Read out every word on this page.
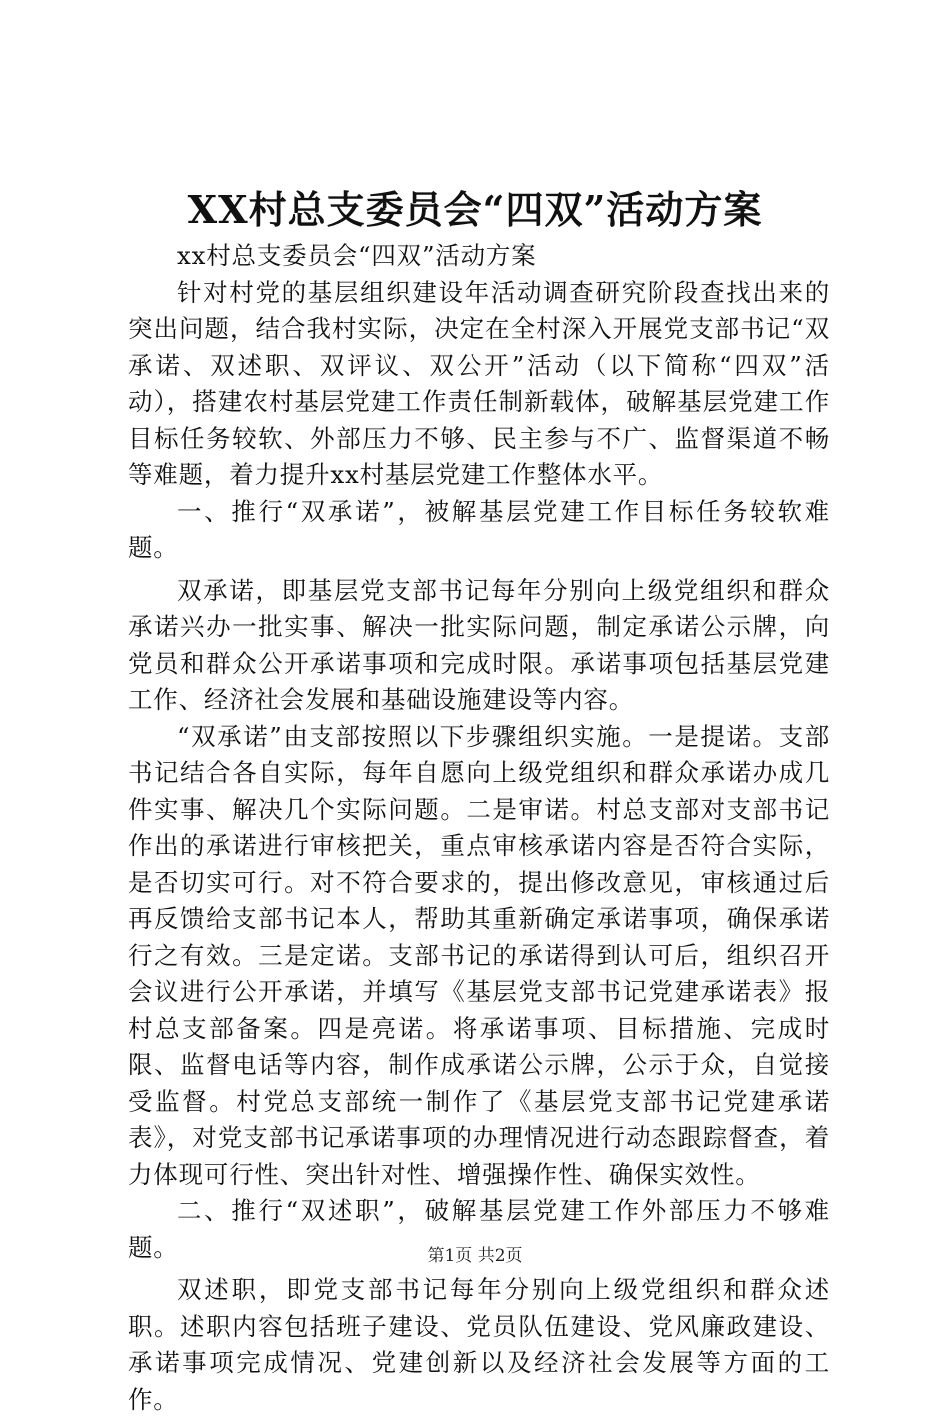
XX村总支委员会“四双”活动方案

xx村总支委员会“四双”活动方案

针对村党的基层组织建设年活动调查研究阶段查找出来的突出问题，结合我村实际，决定在全村深入开展党支部书记“双承诺、双述职、双评议、双公开”活动（以下简称“四双”活动），搭建农村基层党建工作责任制新载体，破解基层党建工作目标任务较软、外部压力不够、民主参与不广、监督渠道不畅等难题，着力提升xx村基层党建工作整体水平。

一、推行“双承诺”，被解基层党建工作目标任务较软难题。

双承诺，即基层党支部书记每年分别向上级党组织和群众承诺兴办一批实事、解决一批实际问题，制定承诺公示牌，向党员和群众公开承诺事项和完成时限。承诺事项包括基层党建工作、经济社会发展和基础设施建设等内容。

“双承诺”由支部按照以下步骤组织实施。一是提诺。支部书记结合各自实际，每年自愿向上级党组织和群众承诺办成几件实事、解决几个实际问题。二是审诺。村总支部对支部书记作出的承诺进行审核把关，重点审核承诺内容是否符合实际，是否切实可行。对不符合要求的，提出修改意见，审核通过后再反馈给支部书记本人，帮助其重新确定承诺事项，确保承诺行之有效。三是定诺。支部书记的承诺得到认可后，组织召开会议进行公开承诺，并填写《基层党支部书记党建承诺表》报村总支部备案。四是亮诺。将承诺事项、目标措施、完成时限、监督电话等内容，制作成承诺公示牌，公示于众，自觉接受监督。村党总支部统一制作了《基层党支部书记党建承诺表》，对党支部书记承诺事项的办理情况进行动态跟踪督查，着力体现可行性、突出针对性、增强操作性、确保实效性。

二、推行“双述职”，破解基层党建工作外部压力不够难题。

双述职，即党支部书记每年分别向上级党组织和群众述职。述职内容包括班子建设、党员队伍建设、党风廉政建设、承诺事项完成情况、党建创新以及经济社会发展等方面的工作。

第1页 共2页
